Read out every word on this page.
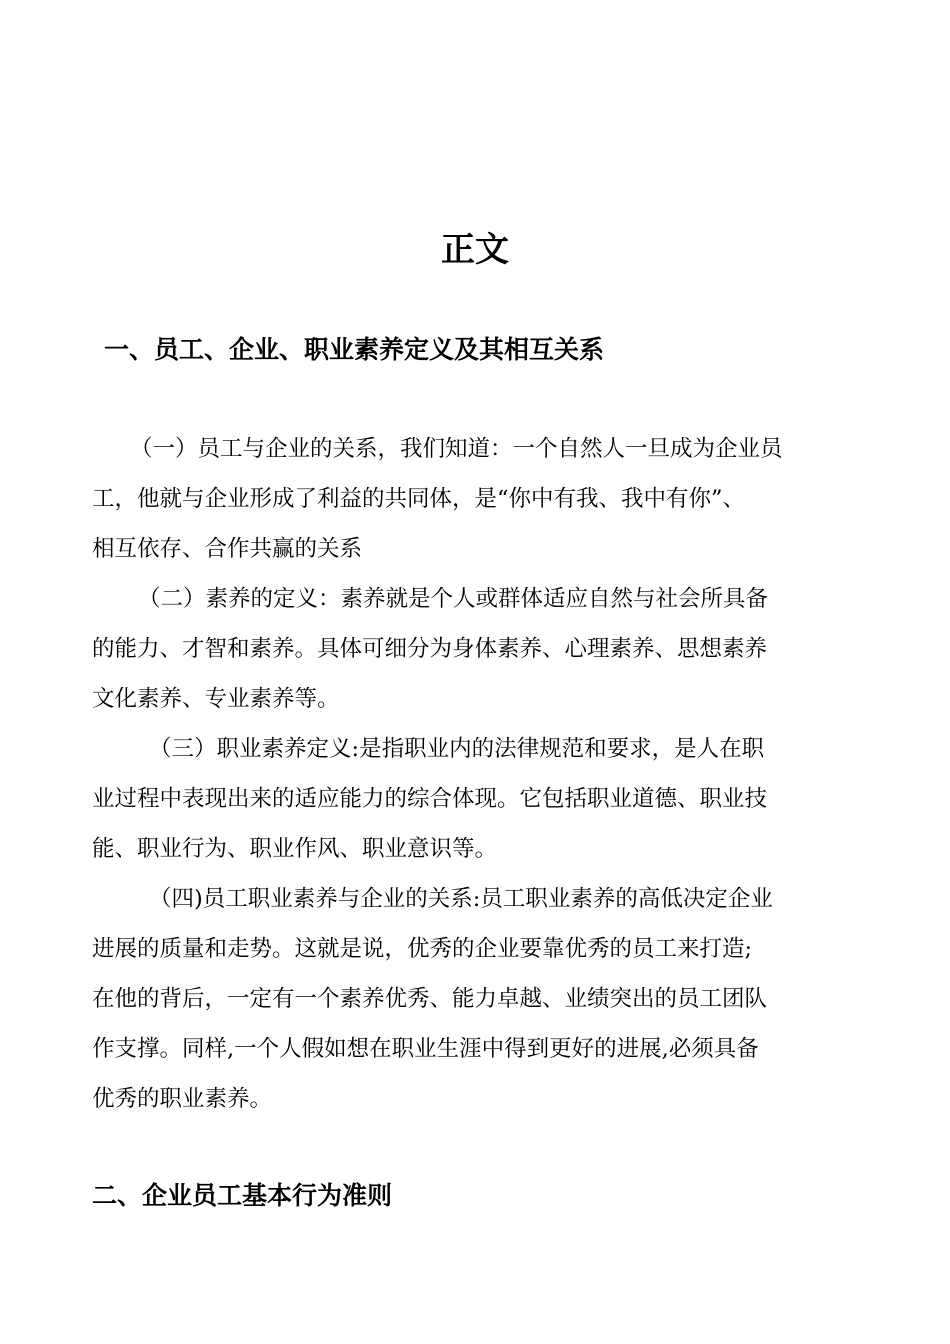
正文
一、员工、企业、职业素养定义及其相互关系
（一）员工与企业的关系，我们知道：一个自然人一旦成为企业员
工，他就与企业形成了利益的共同体，是“你中有我、我中有你”、
相互依存、合作共赢的关系
（二）素养的定义：素养就是个人或群体适应自然与社会所具备
的能力、才智和素养。具体可细分为身体素养、心理素养、思想素养
文化素养、专业素养等。
（三）职业素养定义:是指职业内的法律规范和要求，是人在职
业过程中表现出来的适应能力的综合体现。它包括职业道德、职业技
能、职业行为、职业作风、职业意识等。
（四)员工职业素养与企业的关系:员工职业素养的高低决定企业
进展的质量和走势。这就是说，优秀的企业要靠优秀的员工来打造;
在他的背后，一定有一个素养优秀、能力卓越、业绩突出的员工团队
作支撑。同样,一个人假如想在职业生涯中得到更好的进展,必须具备
优秀的职业素养。
二、企业员工基本行为准则
